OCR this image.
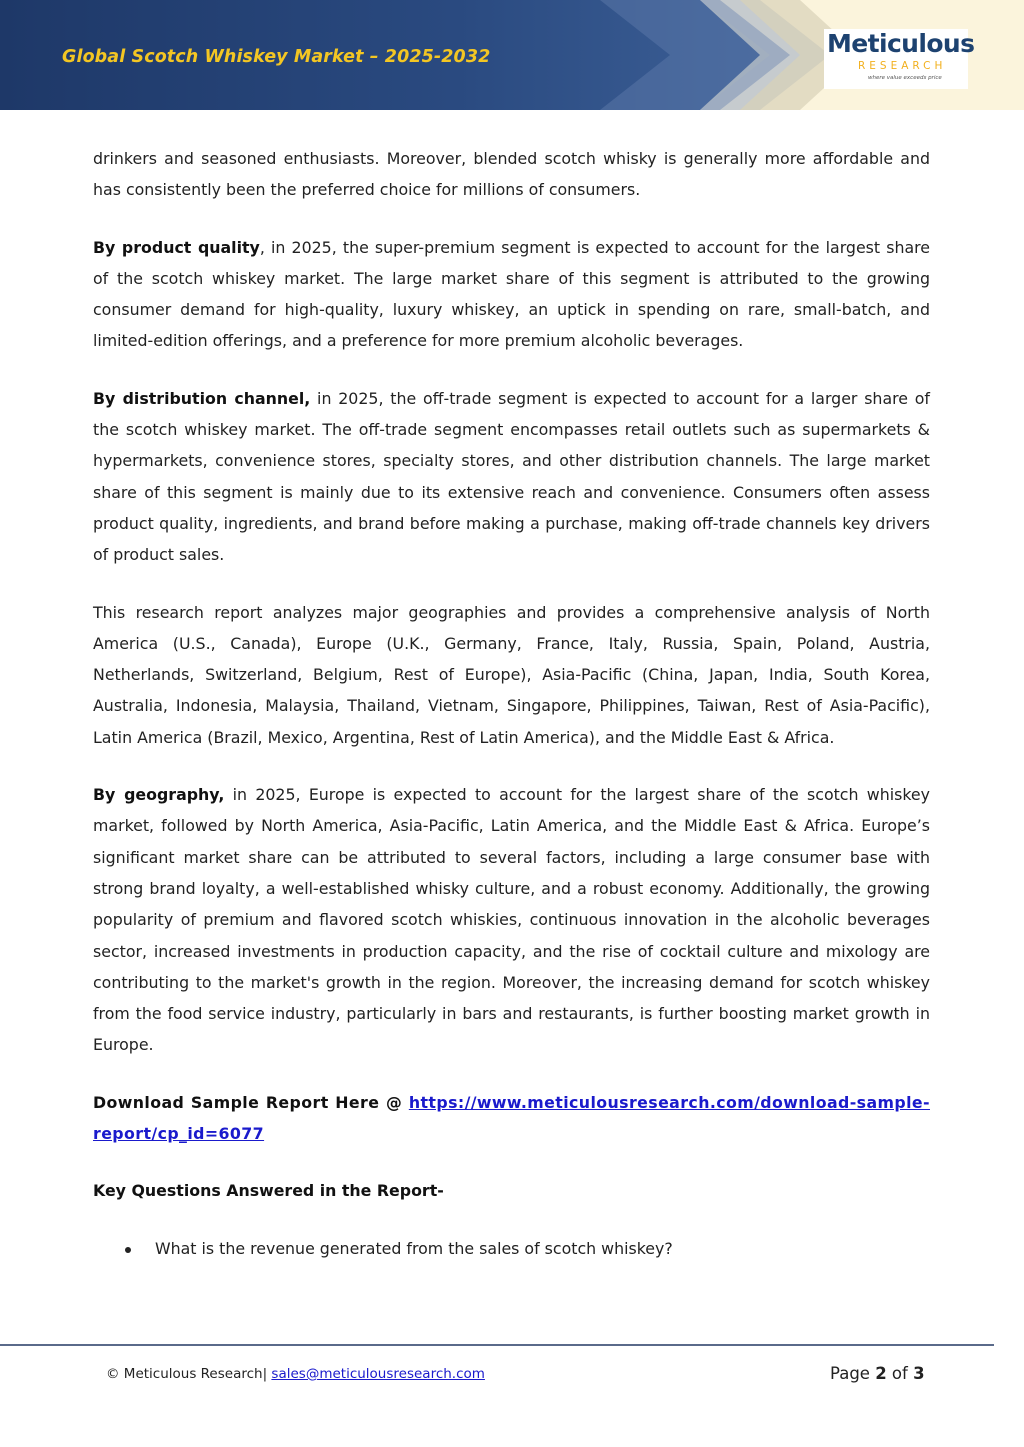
Global Scotch Whiskey Market – 2025-2032	Meticulous
RESEARCH
where value exceeds price

drinkers and seasoned enthusiasts. Moreover, blended scotch whisky is generally more affordable and has consistently been the preferred choice for millions of consumers.

By product quality, in 2025, the super-premium segment is expected to account for the largest share of the scotch whiskey market. The large market share of this segment is attributed to the growing consumer demand for high-quality, luxury whiskey, an uptick in spending on rare, small-batch, and limited-edition offerings, and a preference for more premium alcoholic beverages.

By distribution channel, in 2025, the off-trade segment is expected to account for a larger share of the scotch whiskey market. The off-trade segment encompasses retail outlets such as supermarkets & hypermarkets, convenience stores, specialty stores, and other distribution channels. The large market share of this segment is mainly due to its extensive reach and convenience. Consumers often assess product quality, ingredients, and brand before making a purchase, making off-trade channels key drivers of product sales.

This research report analyzes major geographies and provides a comprehensive analysis of North America (U.S., Canada), Europe (U.K., Germany, France, Italy, Russia, Spain, Poland, Austria, Netherlands, Switzerland, Belgium, Rest of Europe), Asia-Pacific (China, Japan, India, South Korea, Australia, Indonesia, Malaysia, Thailand, Vietnam, Singapore, Philippines, Taiwan, Rest of Asia-Pacific), Latin America (Brazil, Mexico, Argentina, Rest of Latin America), and the Middle East & Africa.

By geography, in 2025, Europe is expected to account for the largest share of the scotch whiskey market, followed by North America, Asia-Pacific, Latin America, and the Middle East & Africa. Europe’s significant market share can be attributed to several factors, including a large consumer base with strong brand loyalty, a well-established whisky culture, and a robust economy. Additionally, the growing popularity of premium and flavored scotch whiskies, continuous innovation in the alcoholic beverages sector, increased investments in production capacity, and the rise of cocktail culture and mixology are contributing to the market's growth in the region. Moreover, the increasing demand for scotch whiskey from the food service industry, particularly in bars and restaurants, is further boosting market growth in Europe.

Download Sample Report Here @ https://www.meticulousresearch.com/download-sample-report/cp_id=6077

Key Questions Answered in the Report-

What is the revenue generated from the sales of scotch whiskey?
© Meticulous Research| sales@meticulousresearch.com	Page 2 of 3
